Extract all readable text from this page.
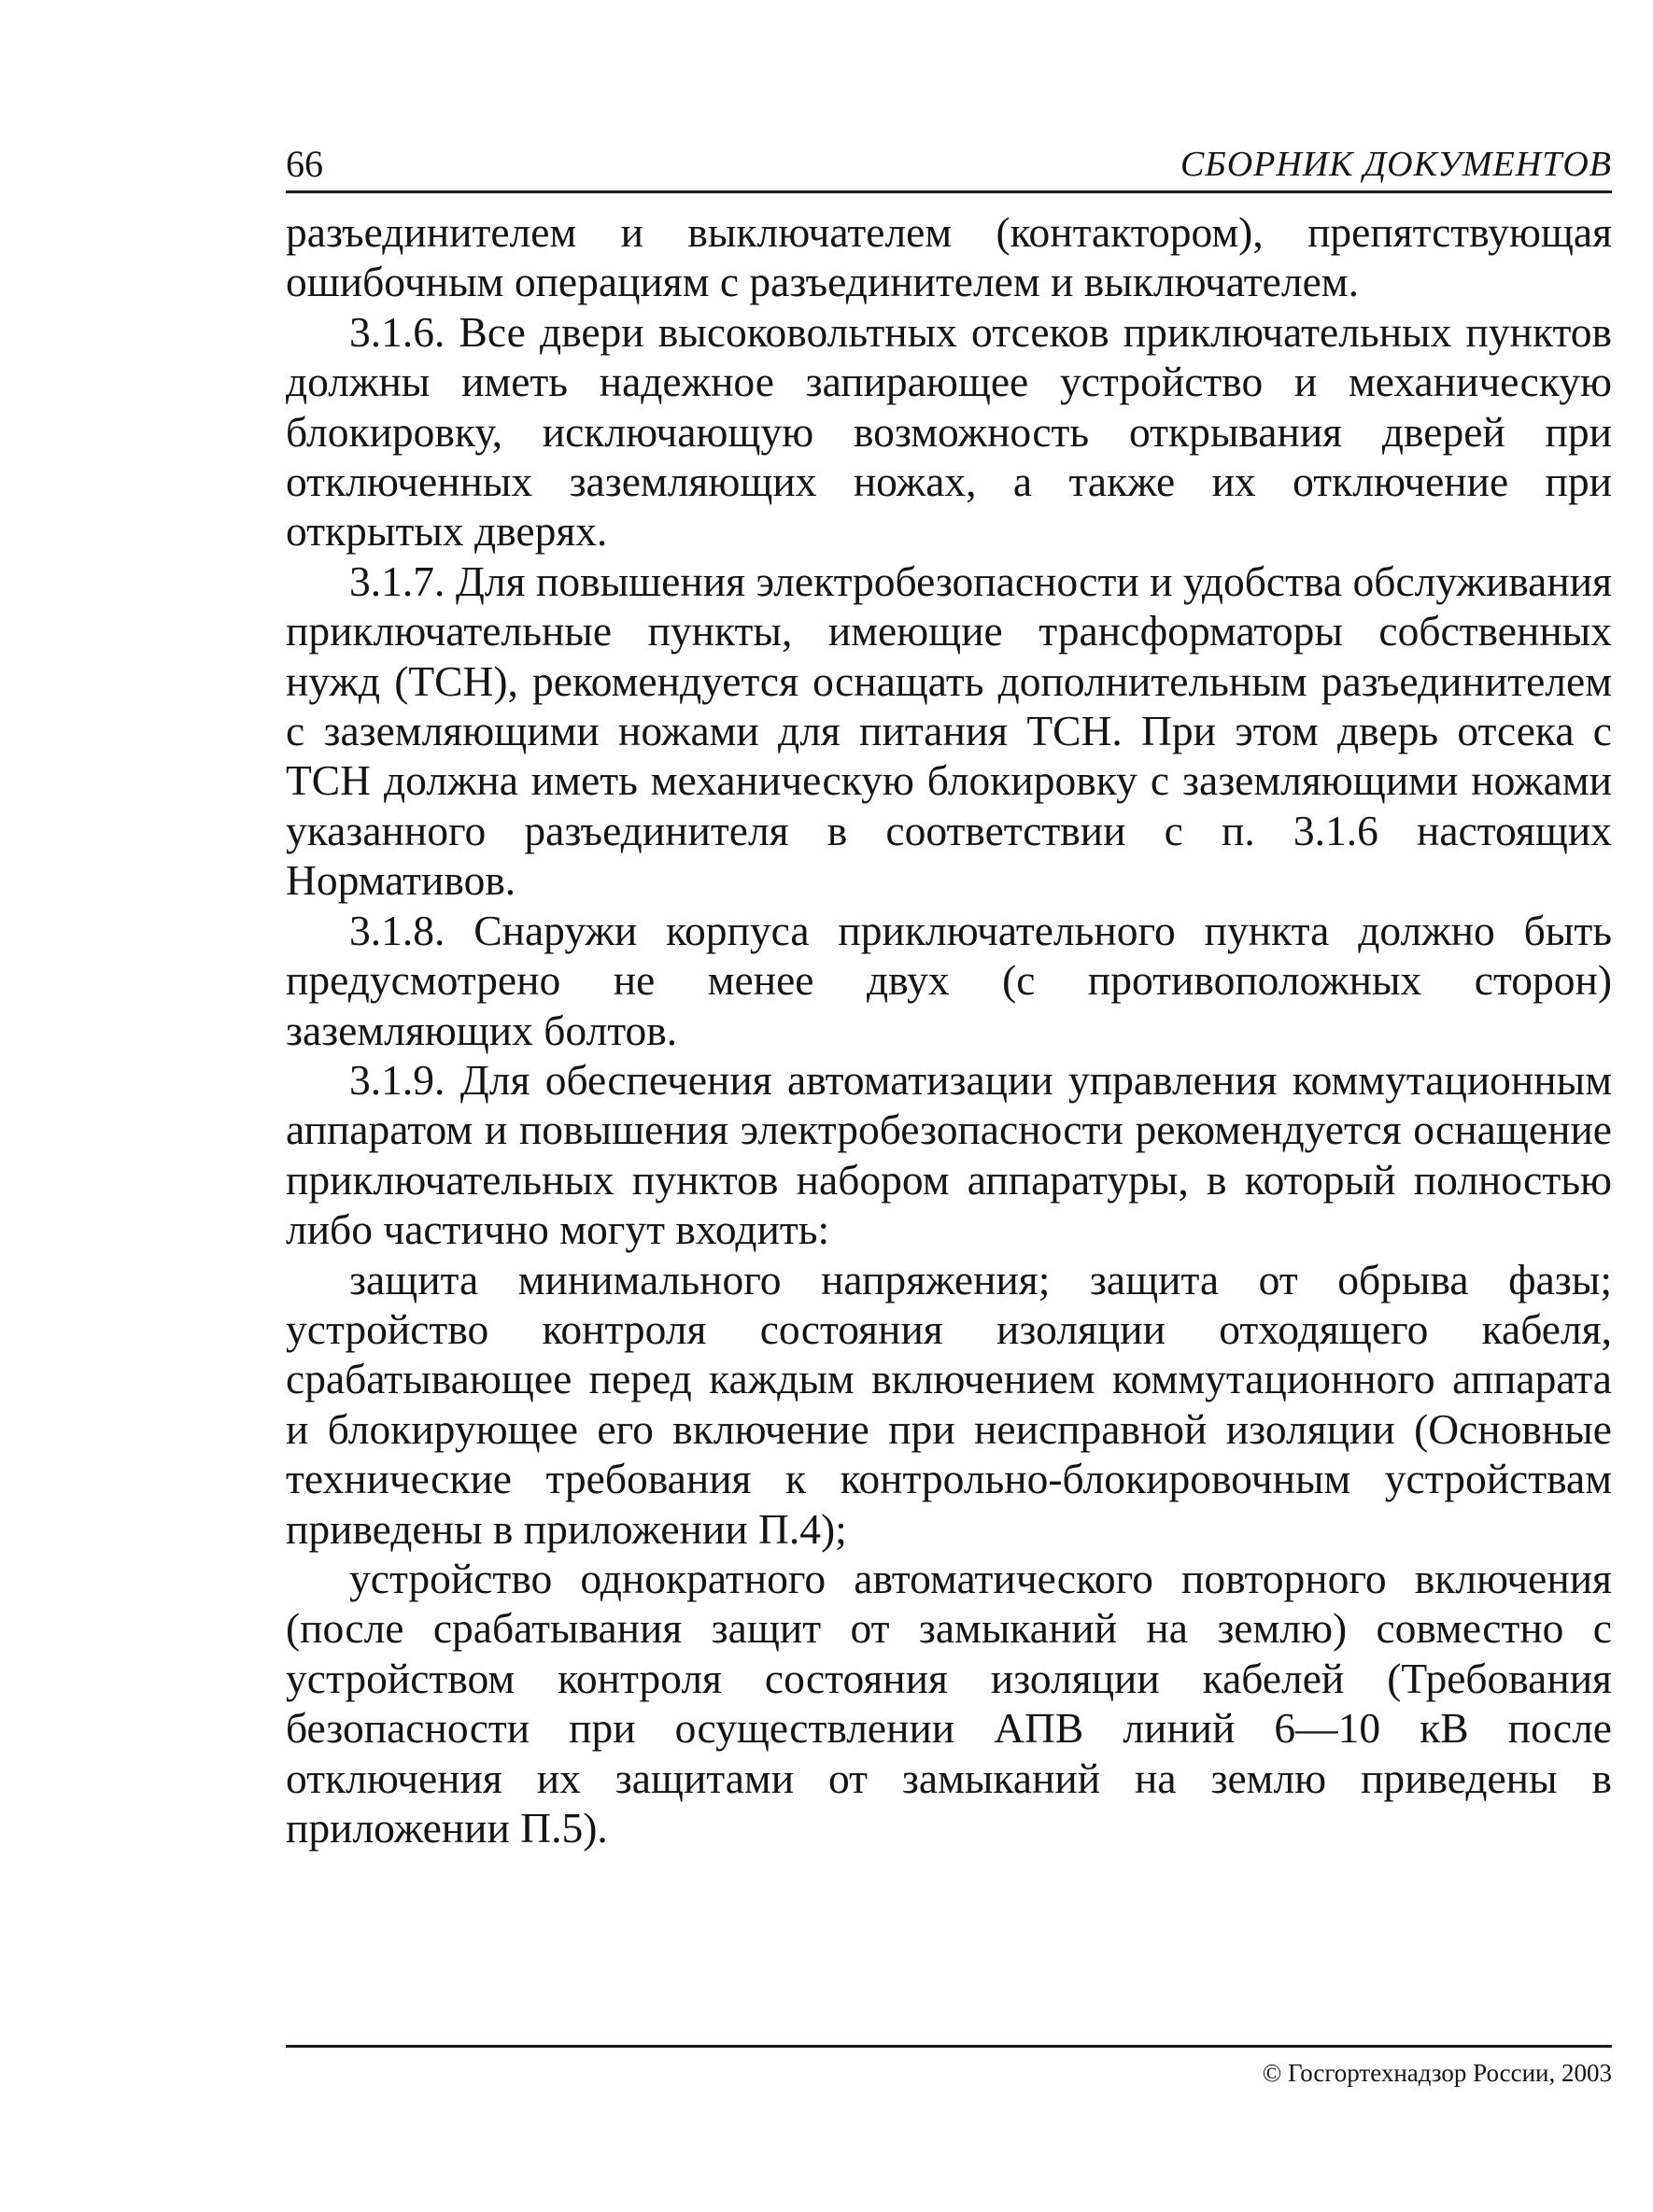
66	СБОРНИК ДОКУМЕНТОВ

разъединителем и выключателем (контактором), препятствующая ошибочным операциям с разъединителем и выключателем.

3.1.6. Все двери высоковольтных отсеков приключательных пунктов должны иметь надежное запирающее устройство и механическую блокировку, исключающую возможность открывания дверей при отключенных заземляющих ножах, а также их отключение при открытых дверях.

3.1.7. Для повышения электробезопасности и удобства обслуживания приключательные пункты, имеющие трансформаторы собственных нужд (ТСН), рекомендуется оснащать дополнительным разъединителем с заземляющими ножами для питания ТСН. При этом дверь отсека с ТСН должна иметь механическую блокировку с заземляющими ножами указанного разъединителя в соответствии с п. 3.1.6 настоящих Нормативов.

3.1.8. Снаружи корпуса приключательного пункта должно быть предусмотрено не менее двух (с противоположных сторон) заземляющих болтов.

3.1.9. Для обеспечения автоматизации управления коммутационным аппаратом и повышения электробезопасности рекомендуется оснащение приключательных пунктов набором аппаратуры, в который полностью либо частично могут входить:

защита минимального напряжения; защита от обрыва фазы; устройство контроля состояния изоляции отходящего кабеля, срабатывающее перед каждым включением коммутационного аппарата и блокирующее его включение при неисправной изоляции (Основные технические требования к контрольно-блокировочным устройствам приведены в приложении П.4);

устройство однократного автоматического повторного включения (после срабатывания защит от замыканий на землю) совместно с устройством контроля состояния изоляции кабелей (Требования безопасности при осуществлении АПВ линий 6—10 кВ после отключения их защитами от замыканий на землю приведены в приложении П.5).

© Госгортехнадзор России, 2003
